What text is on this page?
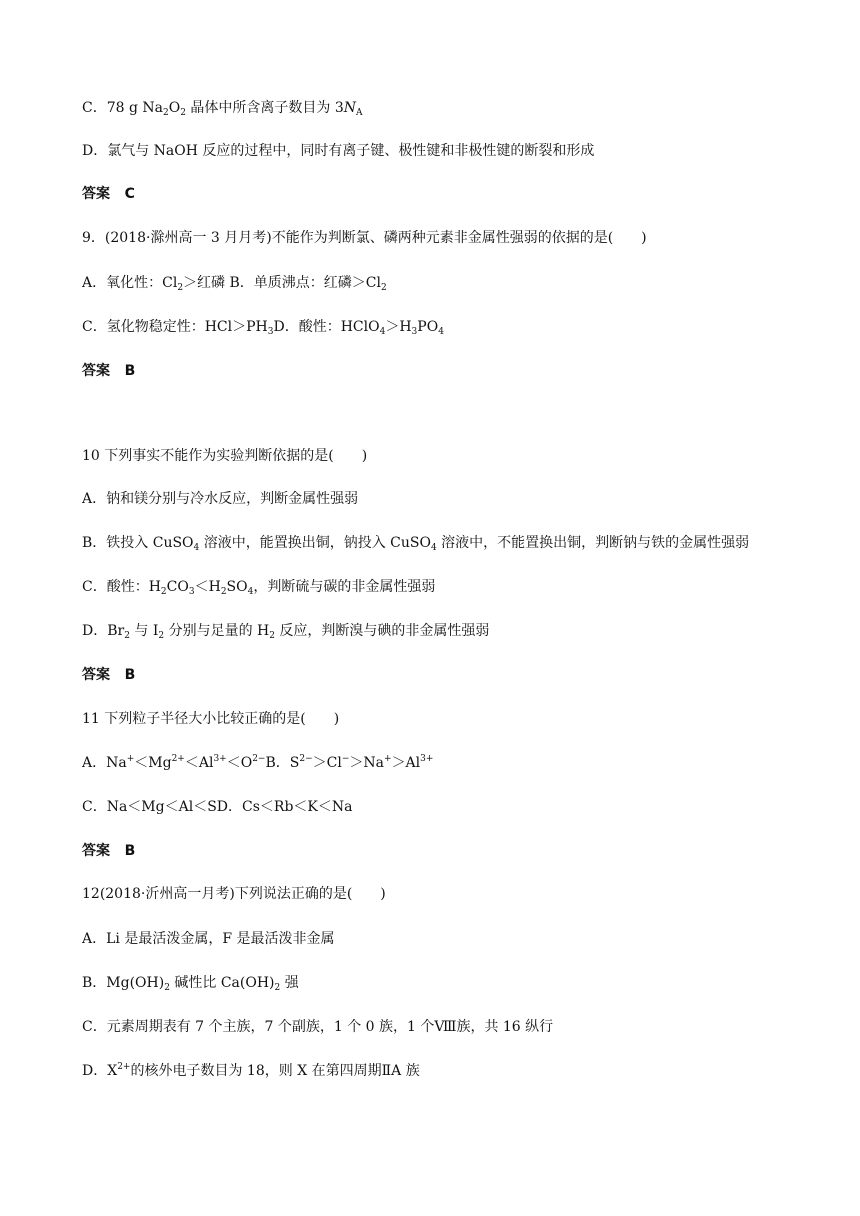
C．78 g $Na_2O_2$ 晶体中所含离子数目为 $3N_A$
D．氯气与 NaOH 反应的过程中，同时有离子键、极性键和非极性键的断裂和形成
答案 C
9．(2018·滁州高一 3 月月考)不能作为判断氯、磷两种元素非金属性强弱的依据的是(　　)
A．氧化性：$Cl_2>$红磷 B．单质沸点：红磷$>Cl_2$
C．氢化物稳定性：$HCl>PH_3D$．酸性：$HClO_4>H_3PO_4$
答案 B
10 下列事实不能作为实验判断依据的是(　　)
A．钠和镁分别与冷水反应，判断金属性强弱
B．铁投入 CuSO$_4$ 溶液中，能置换出铜，钠投入 CuSO$_4$ 溶液中，不能置换出铜，判断钠与铁的金属性强弱
C．酸性：$H_2CO_3<H_2SO_4$，判断硫与碳的非金属性强弱
D．$Br_2$ 与 $I_2$ 分别与足量的 $H_2$ 反应，判断溴与碘的非金属性强弱
答案 B
11 下列粒子半径大小比较正确的是(　　)
A．$Na^+<Mg^{2+}<Al^{3+}<O^{2-}B$．$S^{2-}>Cl^->Na^+>Al^{3+}$
C．Na＜Mg＜Al＜SD．Cs＜Rb＜K＜Na
答案 B
12(2018·沂州高一月考)下列说法正确的是(　　)
A．Li 是最活泼金属，F 是最活泼非金属
B．$Mg(OH)_2$ 碱性比 $Ca(OH)_2$ 强
C．元素周期表有 7 个主族，7 个副族，1 个 0 族，1 个Ⅷ族，共 16 纵行
D．$X^{2+}$的核外电子数目为 18，则 X 在第四周期ⅡA 族
